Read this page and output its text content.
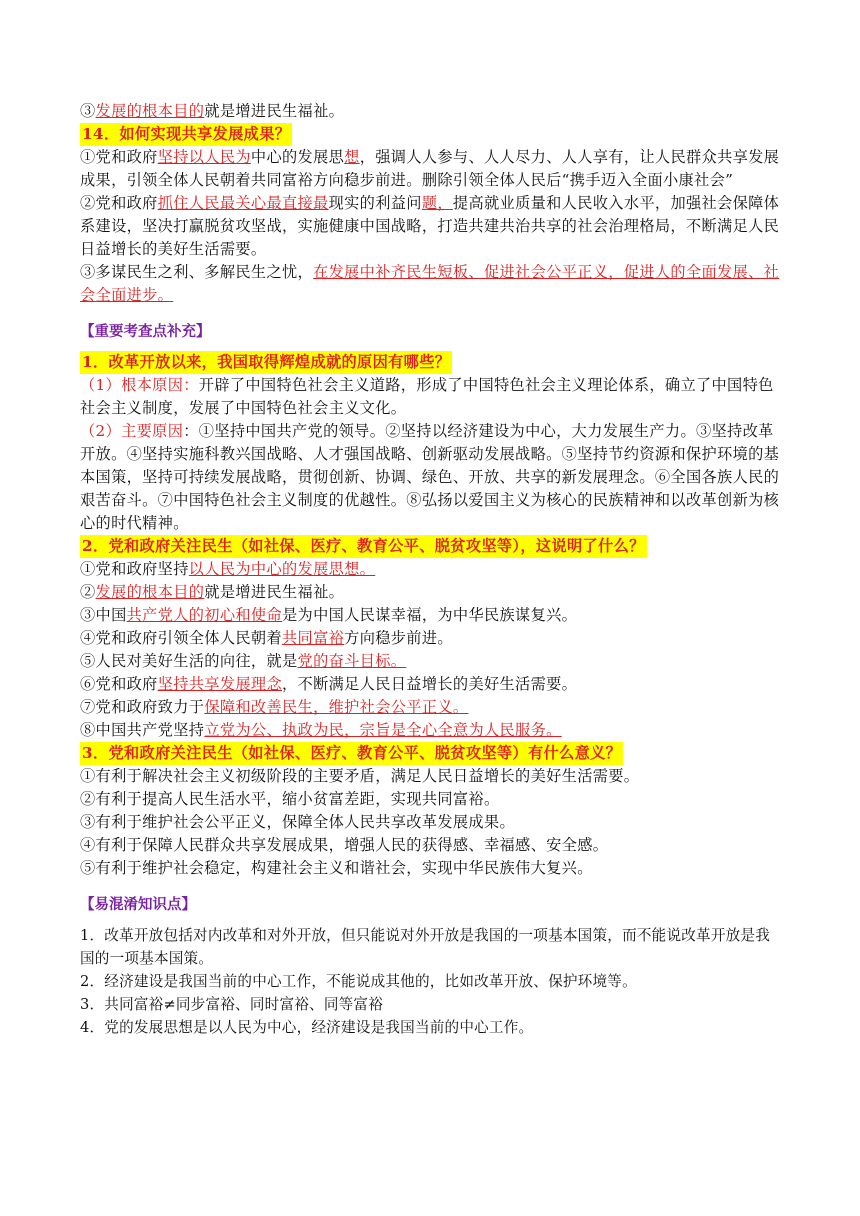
③发展的根本目的就是增进民生福祉。
14．如何实现共享发展成果？
①党和政府坚持以人民为中心的发展思想，强调人人参与、人人尽力、人人享有，让人民群众共享发展成果，引领全体人民朝着共同富裕方向稳步前进。删除引领全体人民后“携手迈入全面小康社会”
②党和政府抓住人民最关心最直接最现实的利益问题，提高就业质量和人民收入水平，加强社会保障体系建设，坚决打赢脱贫攻坚战，实施健康中国战略，打造共建共治共享的社会治理格局，不断满足人民日益增长的美好生活需要。
③多谋民生之利、多解民生之忧，在发展中补齐民生短板、促进社会公平正义，促进人的全面发展、社会全面进步。
【重要考查点补充】
1．改革开放以来，我国取得辉煌成就的原因有哪些？
（1）根本原因：开辟了中国特色社会主义道路，形成了中国特色社会主义理论体系，确立了中国特色社会主义制度，发展了中国特色社会主义文化。
（2）主要原因：①坚持中国共产党的领导。②坚持以经济建设为中心，大力发展生产力。③坚持改革开放。④坚持实施科教兴国战略、人才强国战略、创新驱动发展战略。⑤坚持节约资源和保护环境的基本国策，坚持可持续发展战略，贯彻创新、协调、绿色、开放、共享的新发展理念。⑥全国各族人民的艰苦奋斗。⑦中国特色社会主义制度的优越性。⑧弘扬以爱国主义为核心的民族精神和以改革创新为核心的时代精神。
2．党和政府关注民生（如社保、医疗、教育公平、脱贫攻坚等），这说明了什么？
①党和政府坚持以人民为中心的发展思想。
②发展的根本目的就是增进民生福祉。
③中国共产党人的初心和使命是为中国人民谋幸福，为中华民族谋复兴。
④党和政府引领全体人民朝着共同富裕方向稳步前进。
⑤人民对美好生活的向往，就是党的奋斗目标。
⑥党和政府坚持共享发展理念，不断满足人民日益增长的美好生活需要。
⑦党和政府致力于保障和改善民生，维护社会公平正义。
⑧中国共产党坚持立党为公、执政为民，宗旨是全心全意为人民服务。
3．党和政府关注民生（如社保、医疗、教育公平、脱贫攻坚等）有什么意义？
①有利于解决社会主义初级阶段的主要矛盾，满足人民日益增长的美好生活需要。
②有利于提高人民生活水平，缩小贫富差距，实现共同富裕。
③有利于维护社会公平正义，保障全体人民共享改革发展成果。
④有利于保障人民群众共享发展成果，增强人民的获得感、幸福感、安全感。
⑤有利于维护社会稳定，构建社会主义和谐社会，实现中华民族伟大复兴。
【易混淆知识点】
1．改革开放包括对内改革和对外开放，但只能说对外开放是我国的一项基本国策，而不能说改革开放是我国的一项基本国策。
2．经济建设是我国当前的中心工作，不能说成其他的，比如改革开放、保护环境等。
3．共同富裕≠同步富裕、同时富裕、同等富裕
4．党的发展思想是以人民为中心，经济建设是我国当前的中心工作。
